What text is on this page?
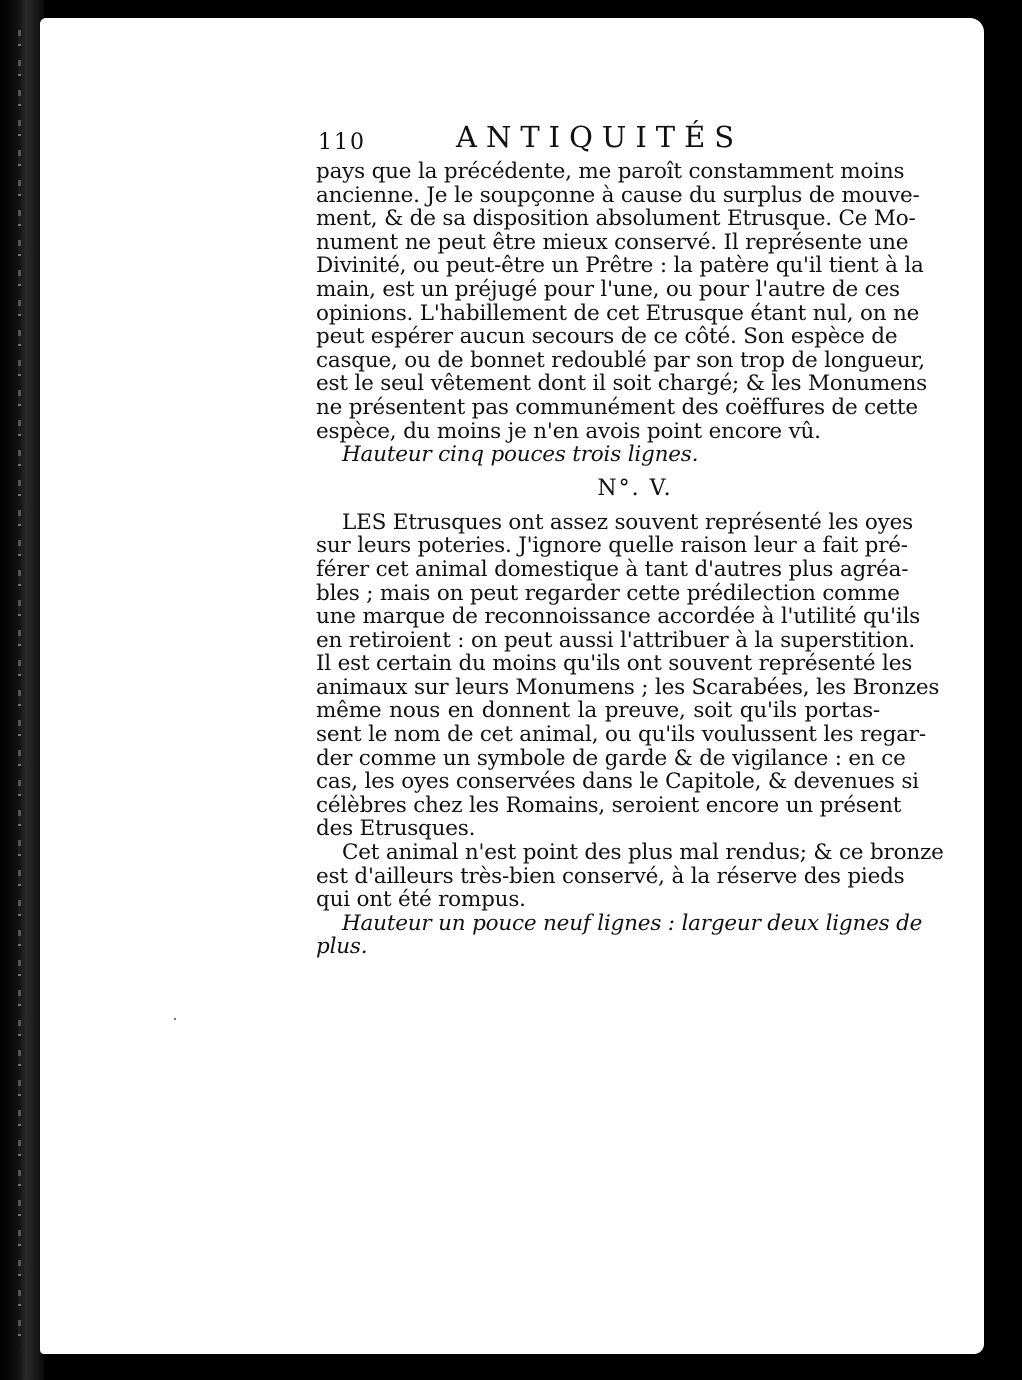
110	ANTIQUITÉS
pays que la précédente, me paroît constamment moins
ancienne. Je le soupçonne à cause du surplus de mouve-
ment, & de sa disposition absolument Etrusque. Ce Mo-
nument ne peut être mieux conservé. Il représente une
Divinité, ou peut-être un Prêtre : la patère qu'il tient à la
main, est un préjugé pour l'une, ou pour l'autre de ces
opinions. L'habillement de cet Etrusque étant nul, on ne
peut espérer aucun secours de ce côté. Son espèce de
casque, ou de bonnet redoublé par son trop de longueur,
est le seul vêtement dont il soit chargé; & les Monumens
ne présentent pas communément des coëffures de cette
espèce, du moins je n'en avois point encore vû.
Hauteur cinq pouces trois lignes.
N°. V.
LES Etrusques ont assez souvent représenté les oyes
sur leurs poteries. J'ignore quelle raison leur a fait pré-
férer cet animal domestique à tant d'autres plus agréa-
bles ; mais on peut regarder cette prédilection comme
une marque de reconnoissance accordée à l'utilité qu'ils
en retiroient : on peut aussi l'attribuer à la superstition.
Il est certain du moins qu'ils ont souvent représenté les
animaux sur leurs Monumens ; les Scarabées, les Bronzes
même nous en donnent la preuve, soit qu'ils portas-
sent le nom de cet animal, ou qu'ils voulussent les regar-
der comme un symbole de garde & de vigilance : en ce
cas, les oyes conservées dans le Capitole, & devenues si
célèbres chez les Romains, seroient encore un présent
des Etrusques.
Cet animal n'est point des plus mal rendus; & ce bronze
est d'ailleurs très-bien conservé, à la réserve des pieds
qui ont été rompus.
Hauteur un pouce neuf lignes : largeur deux lignes de
plus.
